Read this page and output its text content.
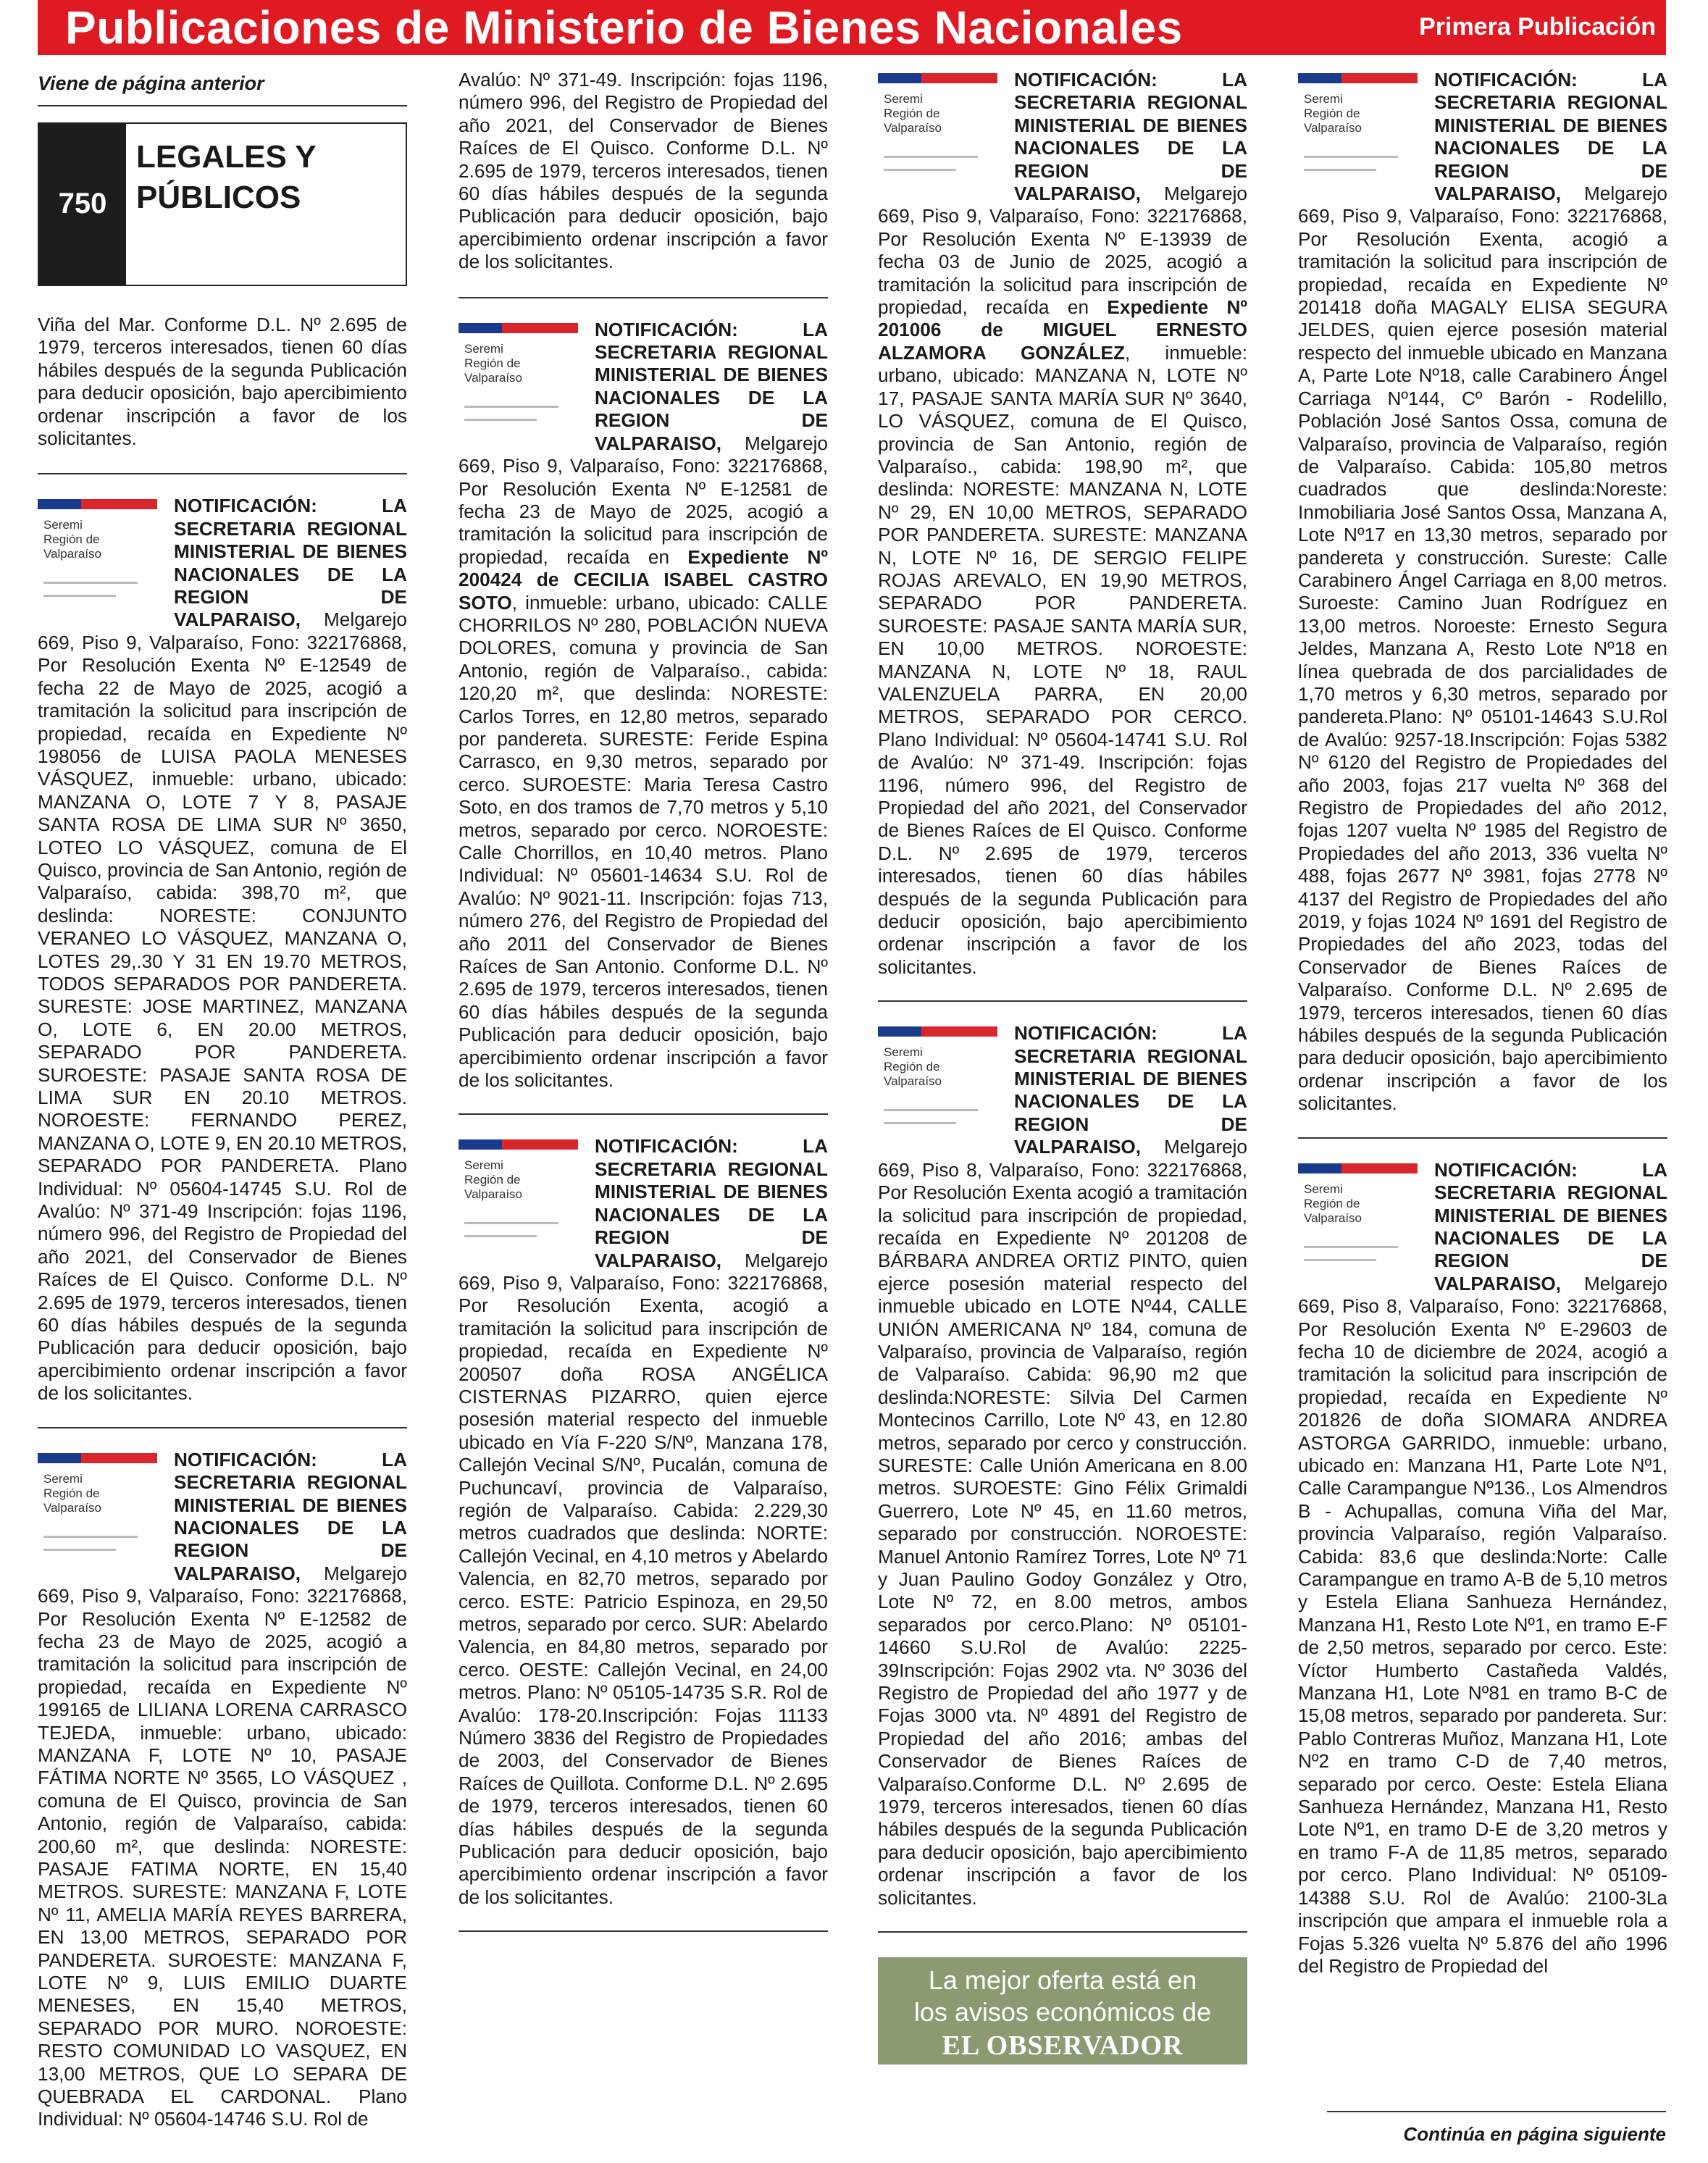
Publicaciones de Ministerio de Bienes Nacionales	Primera Publicación

Viene de página anterior

750
LEGALES Y
PÚBLICOS

Viña del Mar. Conforme D.L. Nº 2.695 de 1979, terceros interesados, tienen 60 días hábiles después de la segunda Publicación para deducir oposición, bajo apercibimiento ordenar inscripción a favor de los solicitantes.

Seremi
Región de
Valparaíso

NOTIFICACIÓN: LA SECRETARIA REGIONAL MINISTERIAL DE BIENES NACIONALES DE LA REGION DE VALPARAISO, Melgarejo 669, Piso 9, Valparaíso, Fono: 322176868, Por Resolución Exenta Nº E-12549 de fecha 22 de Mayo de 2025, acogió a tramitación la solicitud para inscripción de propiedad, recaída en Expediente Nº 198056 de LUISA PAOLA MENESES VÁSQUEZ, inmueble: urbano, ubicado: MANZANA O, LOTE 7 Y 8, PASAJE SANTA ROSA DE LIMA SUR Nº 3650, LOTEO LO VÁSQUEZ, comuna de El Quisco, provincia de San Antonio, región de Valparaíso, cabida: 398,70 m², que deslinda: NORESTE: CONJUNTO VERANEO LO VÁSQUEZ, MANZANA O, LOTES 29,.30 Y 31 EN 19.70 METROS, TODOS SEPARADOS POR PANDERETA. SURESTE: JOSE MARTINEZ, MANZANA O, LOTE 6, EN 20.00 METROS, SEPARADO POR PANDERETA. SUROESTE: PASAJE SANTA ROSA DE LIMA SUR EN 20.10 METROS. NOROESTE: FERNANDO PEREZ, MANZANA O, LOTE 9, EN 20.10 METROS, SEPARADO POR PANDERETA. Plano Individual: Nº 05604-14745 S.U. Rol de Avalúo: Nº 371-49 Inscripción: fojas 1196, número 996, del Registro de Propiedad del año 2021, del Conservador de Bienes Raíces de El Quisco. Conforme D.L. Nº 2.695 de 1979, terceros interesados, tienen 60 días hábiles después de la segunda Publicación para deducir oposición, bajo apercibimiento ordenar inscripción a favor de los solicitantes.

Seremi
Región de
Valparaíso

NOTIFICACIÓN: LA SECRETARIA REGIONAL MINISTERIAL DE BIENES NACIONALES DE LA REGION DE VALPARAISO, Melgarejo 669, Piso 9, Valparaíso, Fono: 322176868, Por Resolución Exenta Nº E-12582 de fecha 23 de Mayo de 2025, acogió a tramitación la solicitud para inscripción de propiedad, recaída en Expediente Nº 199165 de LILIANA LORENA CARRASCO TEJEDA, inmueble: urbano, ubicado: MANZANA F, LOTE Nº 10, PASAJE FÁTIMA NORTE Nº 3565, LO VÁSQUEZ , comuna de El Quisco, provincia de San Antonio, región de Valparaíso, cabida: 200,60 m², que deslinda: NORESTE: PASAJE FATIMA NORTE, EN 15,40 METROS. SURESTE: MANZANA F, LOTE Nº 11, AMELIA MARÍA REYES BARRERA, EN 13,00 METROS, SEPARADO POR PANDERETA. SUROESTE: MANZANA F, LOTE Nº 9, LUIS EMILIO DUARTE MENESES, EN 15,40 METROS, SEPARADO POR MURO. NOROESTE: RESTO COMUNIDAD LO VASQUEZ, EN 13,00 METROS, QUE LO SEPARA DE QUEBRADA EL CARDONAL. Plano Individual: Nº 05604-14746 S.U. Rol de

Avalúo: Nº 371-49. Inscripción: fojas 1196, número 996, del Registro de Propiedad del año 2021, del Conservador de Bienes Raíces de El Quisco. Conforme D.L. Nº 2.695 de 1979, terceros interesados, tienen 60 días hábiles después de la segunda Publicación para deducir oposición, bajo apercibimiento ordenar inscripción a favor de los solicitantes.

Seremi
Región de
Valparaíso

NOTIFICACIÓN: LA SECRETARIA REGIONAL MINISTERIAL DE BIENES NACIONALES DE LA REGION DE VALPARAISO, Melgarejo 669, Piso 9, Valparaíso, Fono: 322176868, Por Resolución Exenta Nº E-12581 de fecha 23 de Mayo de 2025, acogió a tramitación la solicitud para inscripción de propiedad, recaída en Expediente Nº 200424 de CECILIA ISABEL CASTRO SOTO, inmueble: urbano, ubicado: CALLE CHORRILOS Nº 280, POBLACIÓN NUEVA DOLORES, comuna y provincia de San Antonio, región de Valparaíso., cabida: 120,20 m², que deslinda: NORESTE: Carlos Torres, en 12,80 metros, separado por pandereta. SURESTE: Feride Espina Carrasco, en 9,30 metros, separado por cerco. SUROESTE: Maria Teresa Castro Soto, en dos tramos de 7,70 metros y 5,10 metros, separado por cerco. NOROESTE: Calle Chorrillos, en 10,40 metros. Plano Individual: Nº 05601-14634 S.U. Rol de Avalúo: Nº 9021-11. Inscripción: fojas 713, número 276, del Registro de Propiedad del año 2011 del Conservador de Bienes Raíces de San Antonio. Conforme D.L. Nº 2.695 de 1979, terceros interesados, tienen 60 días hábiles después de la segunda Publicación para deducir oposición, bajo apercibimiento ordenar inscripción a favor de los solicitantes.

Seremi
Región de
Valparaíso

NOTIFICACIÓN: LA SECRETARIA REGIONAL MINISTERIAL DE BIENES NACIONALES DE LA REGION DE VALPARAISO, Melgarejo 669, Piso 9, Valparaíso, Fono: 322176868, Por Resolución Exenta, acogió a tramitación la solicitud para inscripción de propiedad, recaída en Expediente Nº 200507 doña ROSA ANGÉLICA CISTERNAS PIZARRO, quien ejerce posesión material respecto del inmueble ubicado en Vía F-220 S/Nº, Manzana 178, Callejón Vecinal S/Nº, Pucalán, comuna de Puchuncaví, provincia de Valparaíso, región de Valparaíso. Cabida: 2.229,30 metros cuadrados que deslinda: NORTE: Callejón Vecinal, en 4,10 metros y Abelardo Valencia, en 82,70 metros, separado por cerco. ESTE: Patricio Espinoza, en 29,50 metros, separado por cerco. SUR: Abelardo Valencia, en 84,80 metros, separado por cerco. OESTE: Callejón Vecinal, en 24,00 metros. Plano: Nº 05105-14735 S.R. Rol de Avalúo: 178-20.Inscripción: Fojas 11133 Número 3836 del Registro de Propiedades de 2003, del Conservador de Bienes Raíces de Quillota. Conforme D.L. Nº 2.695 de 1979, terceros interesados, tienen 60 días hábiles después de la segunda Publicación para deducir oposición, bajo apercibimiento ordenar inscripción a favor de los solicitantes.

Seremi
Región de
Valparaíso

NOTIFICACIÓN: LA SECRETARIA REGIONAL MINISTERIAL DE BIENES NACIONALES DE LA REGION DE VALPARAISO, Melgarejo 669, Piso 9, Valparaíso, Fono: 322176868, Por Resolución Exenta Nº E-13939 de fecha 03 de Junio de 2025, acogió a tramitación la solicitud para inscripción de propiedad, recaída en Expediente Nº 201006 de MIGUEL ERNESTO ALZAMORA GONZÁLEZ, inmueble: urbano, ubicado: MANZANA N, LOTE Nº 17, PASAJE SANTA MARÍA SUR Nº 3640, LO VÁSQUEZ, comuna de El Quisco, provincia de San Antonio, región de Valparaíso., cabida: 198,90 m², que deslinda: NORESTE: MANZANA N, LOTE Nº 29, EN 10,00 METROS, SEPARADO POR PANDERETA. SURESTE: MANZANA N, LOTE Nº 16, DE SERGIO FELIPE ROJAS AREVALO, EN 19,90 METROS, SEPARADO POR PANDERETA. SUROESTE: PASAJE SANTA MARÍA SUR, EN 10,00 METROS. NOROESTE: MANZANA N, LOTE Nº 18, RAUL VALENZUELA PARRA, EN 20,00 METROS, SEPARADO POR CERCO. Plano Individual: Nº 05604-14741 S.U. Rol de Avalúo: Nº 371-49. Inscripción: fojas 1196, número 996, del Registro de Propiedad del año 2021, del Conservador de Bienes Raíces de El Quisco. Conforme D.L. Nº 2.695 de 1979, terceros interesados, tienen 60 días hábiles después de la segunda Publicación para deducir oposición, bajo apercibimiento ordenar inscripción a favor de los solicitantes.

Seremi
Región de
Valparaíso

NOTIFICACIÓN: LA SECRETARIA REGIONAL MINISTERIAL DE BIENES NACIONALES DE LA REGION DE VALPARAISO, Melgarejo 669, Piso 8, Valparaíso, Fono: 322176868, Por Resolución Exenta acogió a tramitación la solicitud para inscripción de propiedad, recaída en Expediente Nº 201208 de BÁRBARA ANDREA ORTIZ PINTO, quien ejerce posesión material respecto del inmueble ubicado en LOTE Nº44, CALLE UNIÓN AMERICANA Nº 184, comuna de Valparaíso, provincia de Valparaíso, región de Valparaíso. Cabida: 96,90 m2 que deslinda:NORESTE: Silvia Del Carmen Montecinos Carrillo, Lote Nº 43, en 12.80 metros, separado por cerco y construcción. SURESTE: Calle Unión Americana en 8.00 metros. SUROESTE: Gino Félix Grimaldi Guerrero, Lote Nº 45, en 11.60 metros, separado por construcción. NOROESTE: Manuel Antonio Ramírez Torres, Lote Nº 71 y Juan Paulino Godoy González y Otro, Lote Nº 72, en 8.00 metros, ambos separados por cerco.Plano: Nº 05101-14660 S.U.Rol de Avalúo: 2225-39Inscripción: Fojas 2902 vta. Nº 3036 del Registro de Propiedad del año 1977 y de Fojas 3000 vta. Nº 4891 del Registro de Propiedad del año 2016; ambas del Conservador de Bienes Raíces de Valparaíso.Conforme D.L. Nº 2.695 de 1979, terceros interesados, tienen 60 días hábiles después de la segunda Publicación para deducir oposición, bajo apercibimiento ordenar inscripción a favor de los solicitantes.

La mejor oferta está en
los avisos económicos de
EL OBSERVADOR
Seremi
Región de
Valparaíso

NOTIFICACIÓN: LA SECRETARIA REGIONAL MINISTERIAL DE BIENES NACIONALES DE LA REGION DE VALPARAISO, Melgarejo 669, Piso 9, Valparaíso, Fono: 322176868, Por Resolución Exenta, acogió a tramitación la solicitud para inscripción de propiedad, recaída en Expediente Nº 201418 doña MAGALY ELISA SEGURA JELDES, quien ejerce posesión material respecto del inmueble ubicado en Manzana A, Parte Lote Nº18, calle Carabinero Ángel Carriaga Nº144, Cº Barón - Rodelillo, Población José Santos Ossa, comuna de Valparaíso, provincia de Valparaíso, región de Valparaíso. Cabida: 105,80 metros cuadrados que deslinda:Noreste: Inmobiliaria José Santos Ossa, Manzana A, Lote Nº17 en 13,30 metros, separado por pandereta y construcción. Sureste: Calle Carabinero Ángel Carriaga en 8,00 metros. Suroeste: Camino Juan Rodríguez en 13,00 metros. Noroeste: Ernesto Segura Jeldes, Manzana A, Resto Lote Nº18 en línea quebrada de dos parcialidades de 1,70 metros y 6,30 metros, separado por pandereta.Plano: Nº 05101-14643 S.U.Rol de Avalúo: 9257-18.Inscripción: Fojas 5382 Nº 6120 del Registro de Propiedades del año 2003, fojas 217 vuelta Nº 368 del Registro de Propiedades del año 2012, fojas 1207 vuelta Nº 1985 del Registro de Propiedades del año 2013, 336 vuelta Nº 488, fojas 2677 Nº 3981, fojas 2778 Nº 4137 del Registro de Propiedades del año 2019, y fojas 1024 Nº 1691 del Registro de Propiedades del año 2023, todas del Conservador de Bienes Raíces de Valparaíso. Conforme D.L. Nº 2.695 de 1979, terceros interesados, tienen 60 días hábiles después de la segunda Publicación para deducir oposición, bajo apercibimiento ordenar inscripción a favor de los solicitantes.

Seremi
Región de
Valparaíso

NOTIFICACIÓN: LA SECRETARIA REGIONAL MINISTERIAL DE BIENES NACIONALES DE LA REGION DE VALPARAISO, Melgarejo 669, Piso 8, Valparaíso, Fono: 322176868, Por Resolución Exenta Nº E-29603 de fecha 10 de diciembre de 2024, acogió a tramitación la solicitud para inscripción de propiedad, recaída en Expediente Nº 201826 de doña SIOMARA ANDREA ASTORGA GARRIDO, inmueble: urbano, ubicado en: Manzana H1, Parte Lote Nº1, Calle Carampangue Nº136., Los Almendros B - Achupallas, comuna Viña del Mar, provincia Valparaíso, región Valparaíso. Cabida: 83,6 que deslinda:Norte: Calle Carampangue en tramo A-B de 5,10 metros y Estela Eliana Sanhueza Hernández, Manzana H1, Resto Lote Nº1, en tramo E-F de 2,50 metros, separado por cerco. Este: Víctor Humberto Castañeda Valdés, Manzana H1, Lote Nº81 en tramo B-C de 15,08 metros, separado por pandereta. Sur: Pablo Contreras Muñoz, Manzana H1, Lote Nº2 en tramo C-D de 7,40 metros, separado por cerco. Oeste: Estela Eliana Sanhueza Hernández, Manzana H1, Resto Lote Nº1, en tramo D-E de 3,20 metros y en tramo F-A de 11,85 metros, separado por cerco. Plano Individual: Nº 05109-14388 S.U. Rol de Avalúo: 2100-3La inscripción que ampara el inmueble rola a Fojas 5.326 vuelta Nº 5.876 del año 1996 del Registro de Propiedad del

Continúa en página siguiente
